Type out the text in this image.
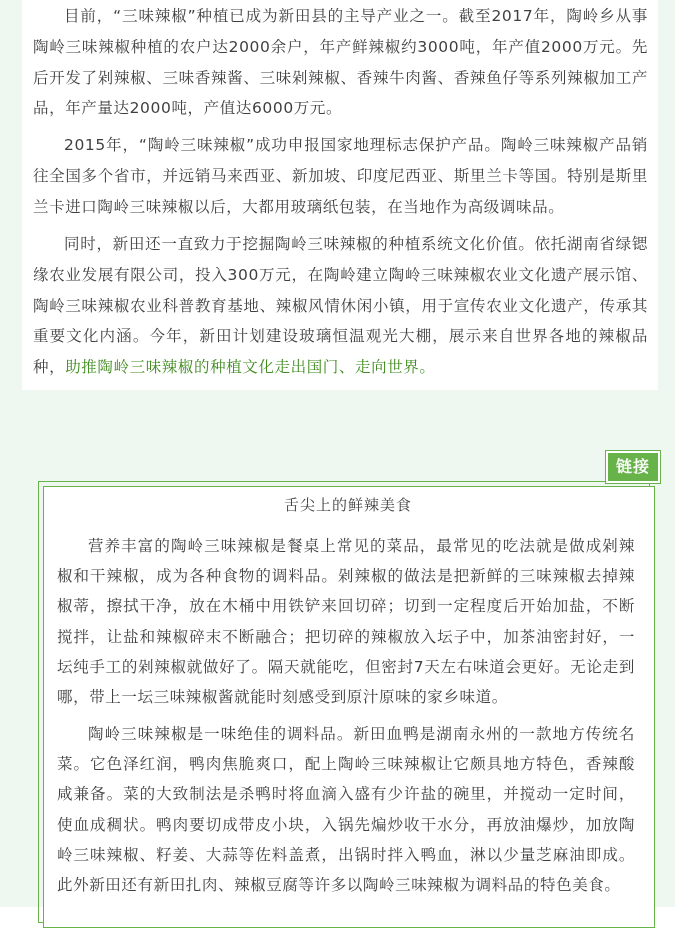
目前，“三味辣椒”种植已成为新田县的主导产业之一。截至2017年，陶岭乡从事陶岭三味辣椒种植的农户达2000余户，年产鲜辣椒约3000吨，年产值2000万元。先后开发了剁辣椒、三味香辣酱、三味剁辣椒、香辣牛肉酱、香辣鱼仔等系列辣椒加工产品，年产量达2000吨，产值达6000万元。

2015年，“陶岭三味辣椒”成功申报国家地理标志保护产品。陶岭三味辣椒产品销往全国多个省市，并远销马来西亚、新加坡、印度尼西亚、斯里兰卡等国。特别是斯里兰卡进口陶岭三味辣椒以后，大都用玻璃纸包装，在当地作为高级调味品。

同时，新田还一直致力于挖掘陶岭三味辣椒的种植系统文化价值。依托湖南省绿锶缘农业发展有限公司，投入300万元，在陶岭建立陶岭三味辣椒农业文化遗产展示馆、陶岭三味辣椒农业科普教育基地、辣椒风情休闲小镇，用于宣传农业文化遗产，传承其重要文化内涵。今年，新田计划建设玻璃恒温观光大棚，展示来自世界各地的辣椒品种，助推陶岭三味辣椒的种植文化走出国门、走向世界。

链接

舌尖上的鲜辣美食

营养丰富的陶岭三味辣椒是餐桌上常见的菜品，最常见的吃法就是做成剁辣椒和干辣椒，成为各种食物的调料品。剁辣椒的做法是把新鲜的三味辣椒去掉辣椒蒂，擦拭干净，放在木桶中用铁铲来回切碎；切到一定程度后开始加盐，不断搅拌，让盐和辣椒碎末不断融合；把切碎的辣椒放入坛子中，加茶油密封好，一坛纯手工的剁辣椒就做好了。隔天就能吃，但密封7天左右味道会更好。无论走到哪，带上一坛三味辣椒酱就能时刻感受到原汁原味的家乡味道。

陶岭三味辣椒是一味绝佳的调料品。新田血鸭是湖南永州的一款地方传统名菜。它色泽红润，鸭肉焦脆爽口，配上陶岭三味辣椒让它颇具地方特色，香辣酸咸兼备。菜的大致制法是杀鸭时将血滴入盛有少许盐的碗里，并搅动一定时间，使血成稠状。鸭肉要切成带皮小块，入锅先煸炒收干水分，再放油爆炒，加放陶岭三味辣椒、籽姜、大蒜等佐料盖煮，出锅时拌入鸭血，淋以少量芝麻油即成。此外新田还有新田扎肉、辣椒豆腐等许多以陶岭三味辣椒为调料品的特色美食。
